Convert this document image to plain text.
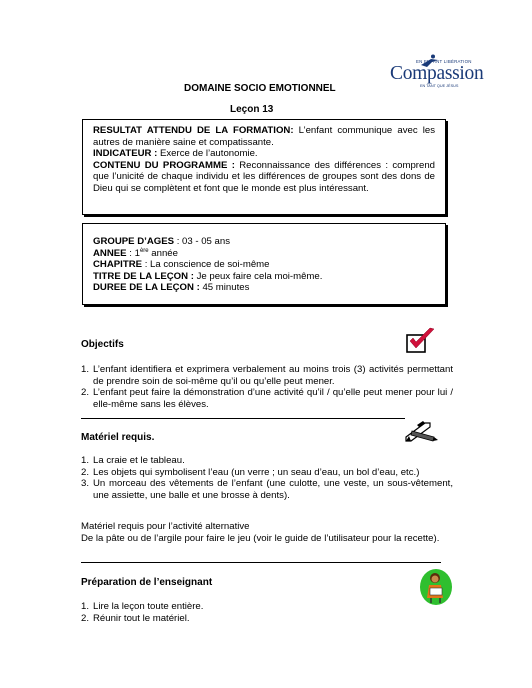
EN ENFANT LIBÉRATION
Compassion
EN TANT QUE JÉSUS
DOMAINE SOCIO EMOTIONNEL
Leçon 13

RESULTAT ATTENDU DE LA FORMATION: L’enfant communique avec les autres de manière saine et compatissante.

INDICATEUR : Exerce de l’autonomie.

CONTENU DU PROGRAMME : Reconnaissance des différences : comprend que l’unicité de chaque individu et les différences de groupes sont des dons de Dieu qui se complètent et font que le monde est plus intéressant.

GROUPE D’AGES : 03 - 05 ans

ANNEE : 1ère année

CHAPITRE : La conscience de soi-même

TITRE DE LA LEÇON : Je peux faire cela moi-même.

DUREE DE LA LEÇON : 45 minutes

Objectifs
1. L’enfant identifiera et exprimera verbalement au moins trois (3) activités permettant de prendre soin de soi-même qu’il ou qu’elle peut mener.
2. L’enfant peut faire la démonstration d’une activité qu’il / qu’elle peut mener pour lui / elle-même sans les élèves.
Matériel requis.
1. La craie et le tableau.
2. Les objets qui symbolisent l’eau (un verre ; un seau d’eau, un bol d’eau, etc.)
3. Un morceau des vêtements de l’enfant (une culotte, une veste, un sous-vêtement, une assiette, une balle et une brosse à dents).
Matériel requis pour l’activité alternative
De la pâte ou de l’argile pour faire le jeu (voir le guide de l’utilisateur pour la recette).
Préparation de l’enseignant
1. Lire la leçon toute entière.
2. Réunir tout le matériel.
